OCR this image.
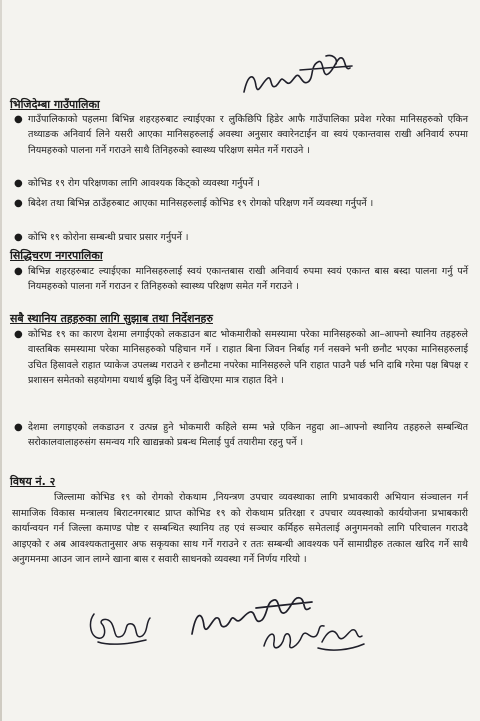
भिजिदेम्बा गाउँपालिका
● गाउँपालिकाको पहलमा बिभिन्न शहरहरुबाट ल्याईएका र लुकिछिपि हिडेर आफै गाउँपालिका प्रवेश गरेका मानिसहरुको एकिन तथ्याङक अनिवार्य लिने यसरी आएका मानिसहरुलाई अवस्था अनुसार क्वारेनटाईन वा स्वयं एकान्तवास राखी अनिवार्य रुपमा नियमहरुको पालना गर्ने गराउने साथै तिनिहरुको स्वास्थ्य परिक्षण समेत गर्ने गराउने ।
● कोभिड १९ रोग परिक्षणका लागि आवश्यक किट्को व्यवस्था गर्नुपर्ने ।
● बिदेश तथा बिभिन्न ठाउँहरुबाट आएका मानिसहरुलाई कोभिड १९ रोगको परिक्षण गर्ने व्यवस्था गर्नुपर्ने ।
● कोभि १९ कोरोना सम्बन्धी प्रचार प्रसार गर्नुपर्ने ।
सिद्धिचरण नगरपालिका
● बिभिन्न शहरहरुबाट ल्याईएका मानिसहरुलाई स्वयं एकान्तबास राखी अनिवार्य रुपमा स्वयं एकान्त बास बस्दा पालना गर्नु पर्ने नियमहरुको पालना गर्ने गराउन र तिनिहरुको स्वास्थ्य परिक्षण समेत गर्ने गराउने ।
सबै स्थानिय तहहरुका लागि सुझाब तथा निर्देशनहरु
● कोभिड १९ का कारण देशमा लगाईएको लकडाउन बाट भोकमारीको समस्यामा परेका मानिसहरुको आ–आफ्नो स्थानिय तहहरुले वास्तबिक समस्यामा परेका मानिसहरुको पहिचान गर्ने । राहात बिना जिवन निर्बाह गर्न नसक्ने भनी छनौट भएका मानिसहरुलाई उचित हिसावले राहात प्याकेज उपलब्ध गराउने र छनौटमा नपरेका मानिसहरुले पनि राहात पाउनै पर्छ भनि दाबि गरेमा पक्ष बिपक्ष र प्रशासन समेतको सहयोगमा यथार्थ बुझि दिनु पर्ने देखिएमा मात्र राहात दिने ।
● देशमा लगाइएको लकडाउन र उत्पन्न हुने भोकमारी कहिले सम्म भन्ने एकिन नहुदा आ–आफ्नो स्थानिय तहहरुले सम्बन्धित सरोकालवालाहरुसंग समन्वय गरि खाद्यन्नको प्रबन्ध मिलाई पुर्व तयारीमा रहनु पर्ने ।
विषय नं. २
जिल्लामा कोभिड १९ को रोगको रोकथाम ,नियन्त्रण उपचार व्यवस्थाका लागि प्रभावकारी अभियान संञ्चालन गर्न सामाजिक विकास मन्त्रालय बिराटनगरबाट प्राप्त कोभिड १९ को रोकथाम प्रतिरक्षा र उपचार व्यवस्थाको कार्ययोजना प्रभाबकारी कार्यान्वयन गर्न जिल्ला कमाण्ड पोष्ट र सम्बन्धित स्थानिय तह एवं सञ्चार कर्मिहरु समेतलाई अनुगमनको लागि परिचालन गराउदै आइएको र अब आवश्यकतानुसार अफ सकृयका साथ गर्ने गराउने र ततः सम्बन्धी आवश्यक पर्ने सामाग्रीहरु तत्काल खरिद गर्ने साथै अनुगमनमा आउन जान लाग्ने खाना बास र सवारी साधनको व्यवस्था गर्ने निर्णय गरियो ।
